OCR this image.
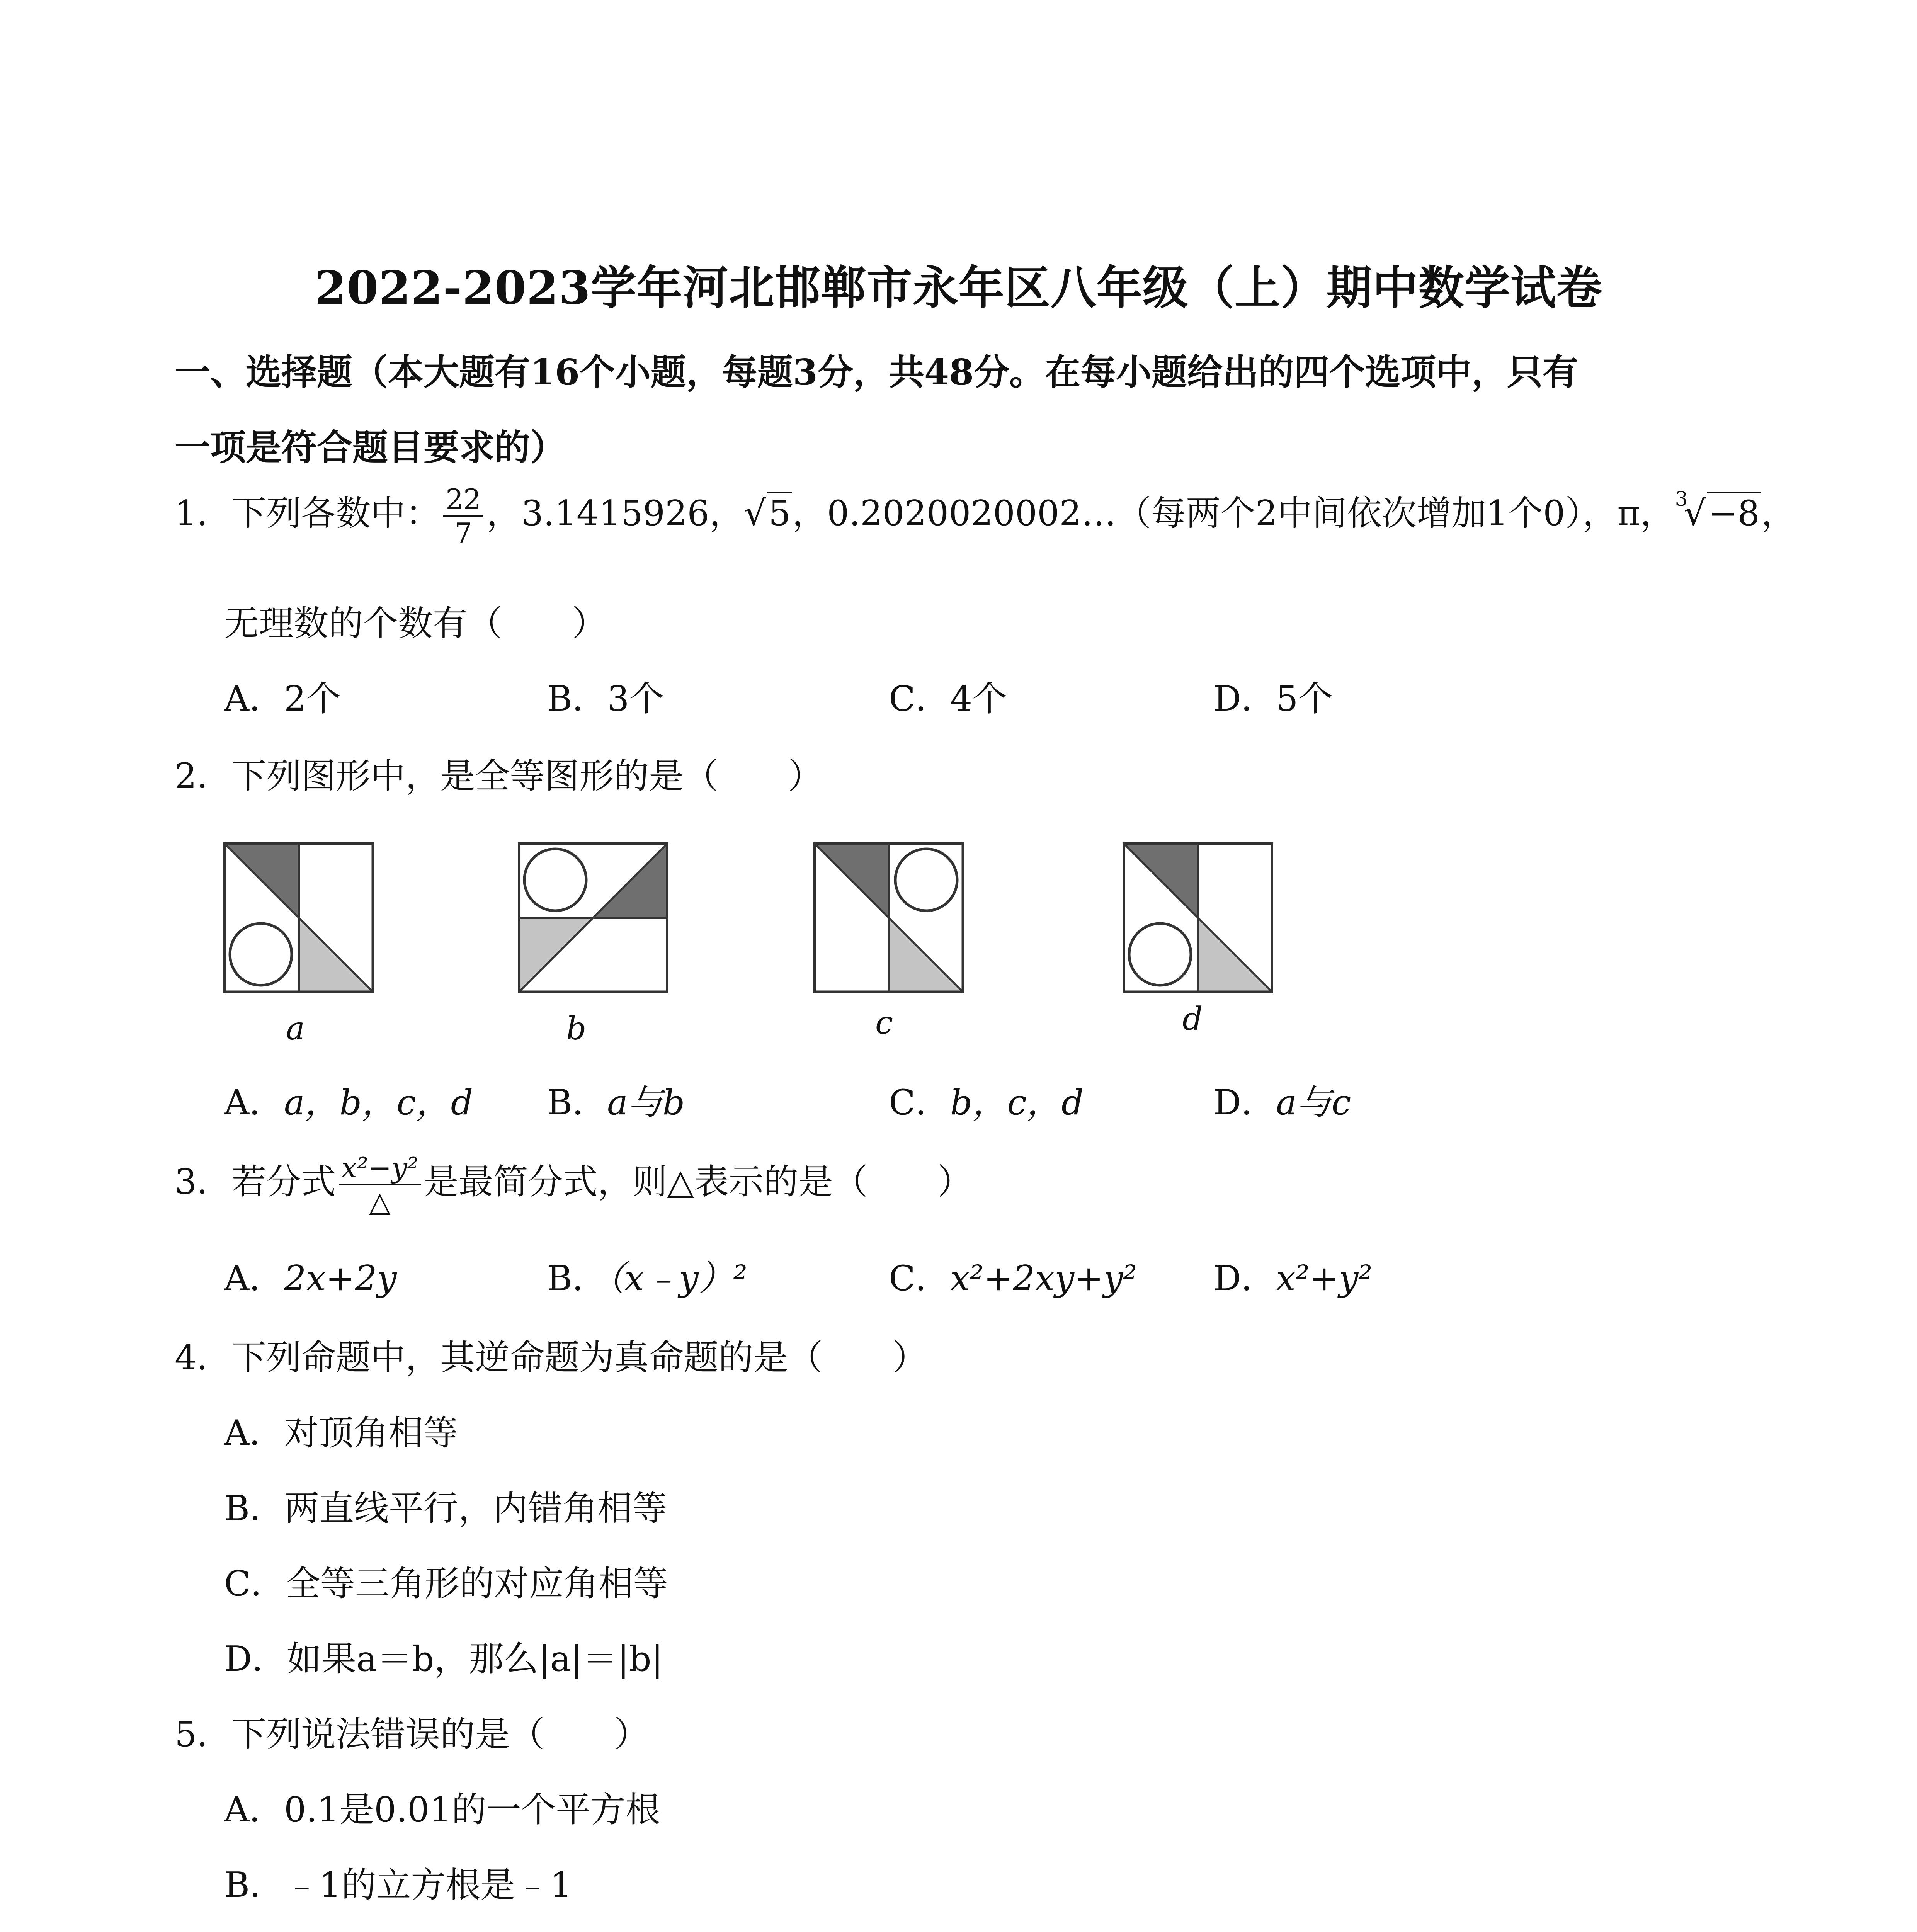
2022-2023学年河北邯郸市永年区八年级（上）期中数学试卷
一、选择题（本大题有16个小题，每题3分，共48分。在每小题给出的四个选项中，只有
一项是符合题目要求的）
1．下列各数中： $\frac{22}{7}$ ，3.1415926，√5，0.2020020002…（每两个2中间依次增加1个0），π，$^3$√−8，
无理数的个数有（　　）
A．2个	B．3个	C．4个	D．5个
2．下列图形中，是全等图形的是（　　）
a	b	c	d
A．a，b，c，d B．a与b	C．b，c，d	D．a与c
3．若分式 $\frac{\text{x²−y²}}{\triangle}$ 是最简分式，则△表示的是（　　）
A．2x+2y	B．（x﹣y）²	C．x²+2xy+y² D．x²+y²
4．下列命题中，其逆命题为真命题的是（　　）
A．对顶角相等
B．两直线平行，内错角相等
C．全等三角形的对应角相等
D．如果a＝b，那么|a|＝|b|
5．下列说法错误的是（　　）
A．0.1是0.01的一个平方根
B．﹣1的立方根是﹣1
